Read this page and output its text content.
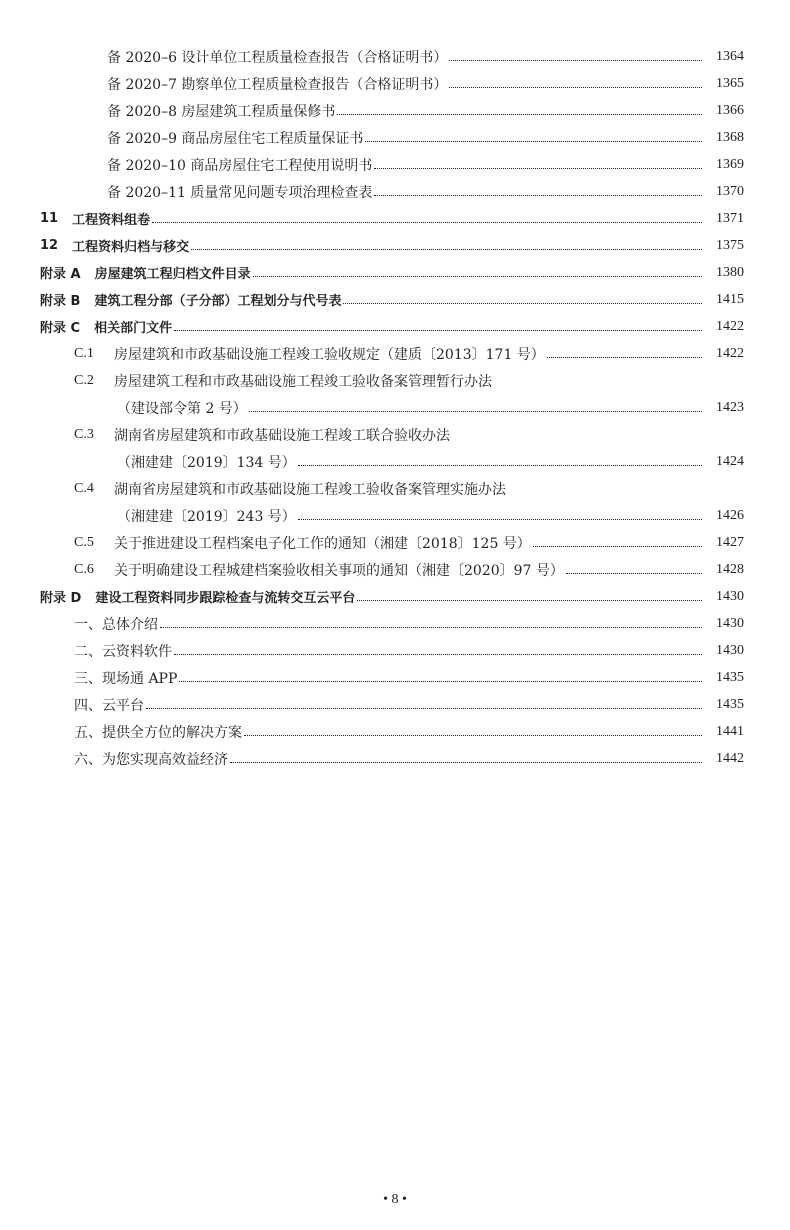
备 2020–6 设计单位工程质量检查报告（合格证明书）	1364
备 2020–7 勘察单位工程质量检查报告（合格证明书）	1365
备 2020–8 房屋建筑工程质量保修书	1366
备 2020–9 商品房屋住宅工程质量保证书	1368
备 2020–10 商品房屋住宅工程使用说明书	1369
备 2020–11 质量常见问题专项治理检查表	1370
11 工程资料组卷	1371
12 工程资料归档与移交	1375
附录 A 房屋建筑工程归档文件目录	1380
附录 B 建筑工程分部（子分部）工程划分与代号表	1415
附录 C 相关部门文件	1422
C.1	房屋建筑和市政基础设施工程竣工验收规定（建质〔2013〕171 号）	1422
C.2	房屋建筑工程和市政基础设施工程竣工验收备案管理暂行办法
（建设部令第 2 号）	1423
C.3	湖南省房屋建筑和市政基础设施工程竣工联合验收办法
（湘建建〔2019〕134 号）	1424
C.4	湖南省房屋建筑和市政基础设施工程竣工验收备案管理实施办法
（湘建建〔2019〕243 号）	1426
C.5	关于推进建设工程档案电子化工作的通知（湘建〔2018〕125 号）	1427
C.6	关于明确建设工程城建档案验收相关事项的通知（湘建〔2020〕97 号）	1428
附录 D 建设工程资料同步跟踪检查与流转交互云平台	1430
一、总体介绍	1430
二、云资料软件	1430
三、现场通 APP	1435
四、云平台	1435
五、提供全方位的解决方案	1441
六、为您实现高效益经济	1442
• 8 •
